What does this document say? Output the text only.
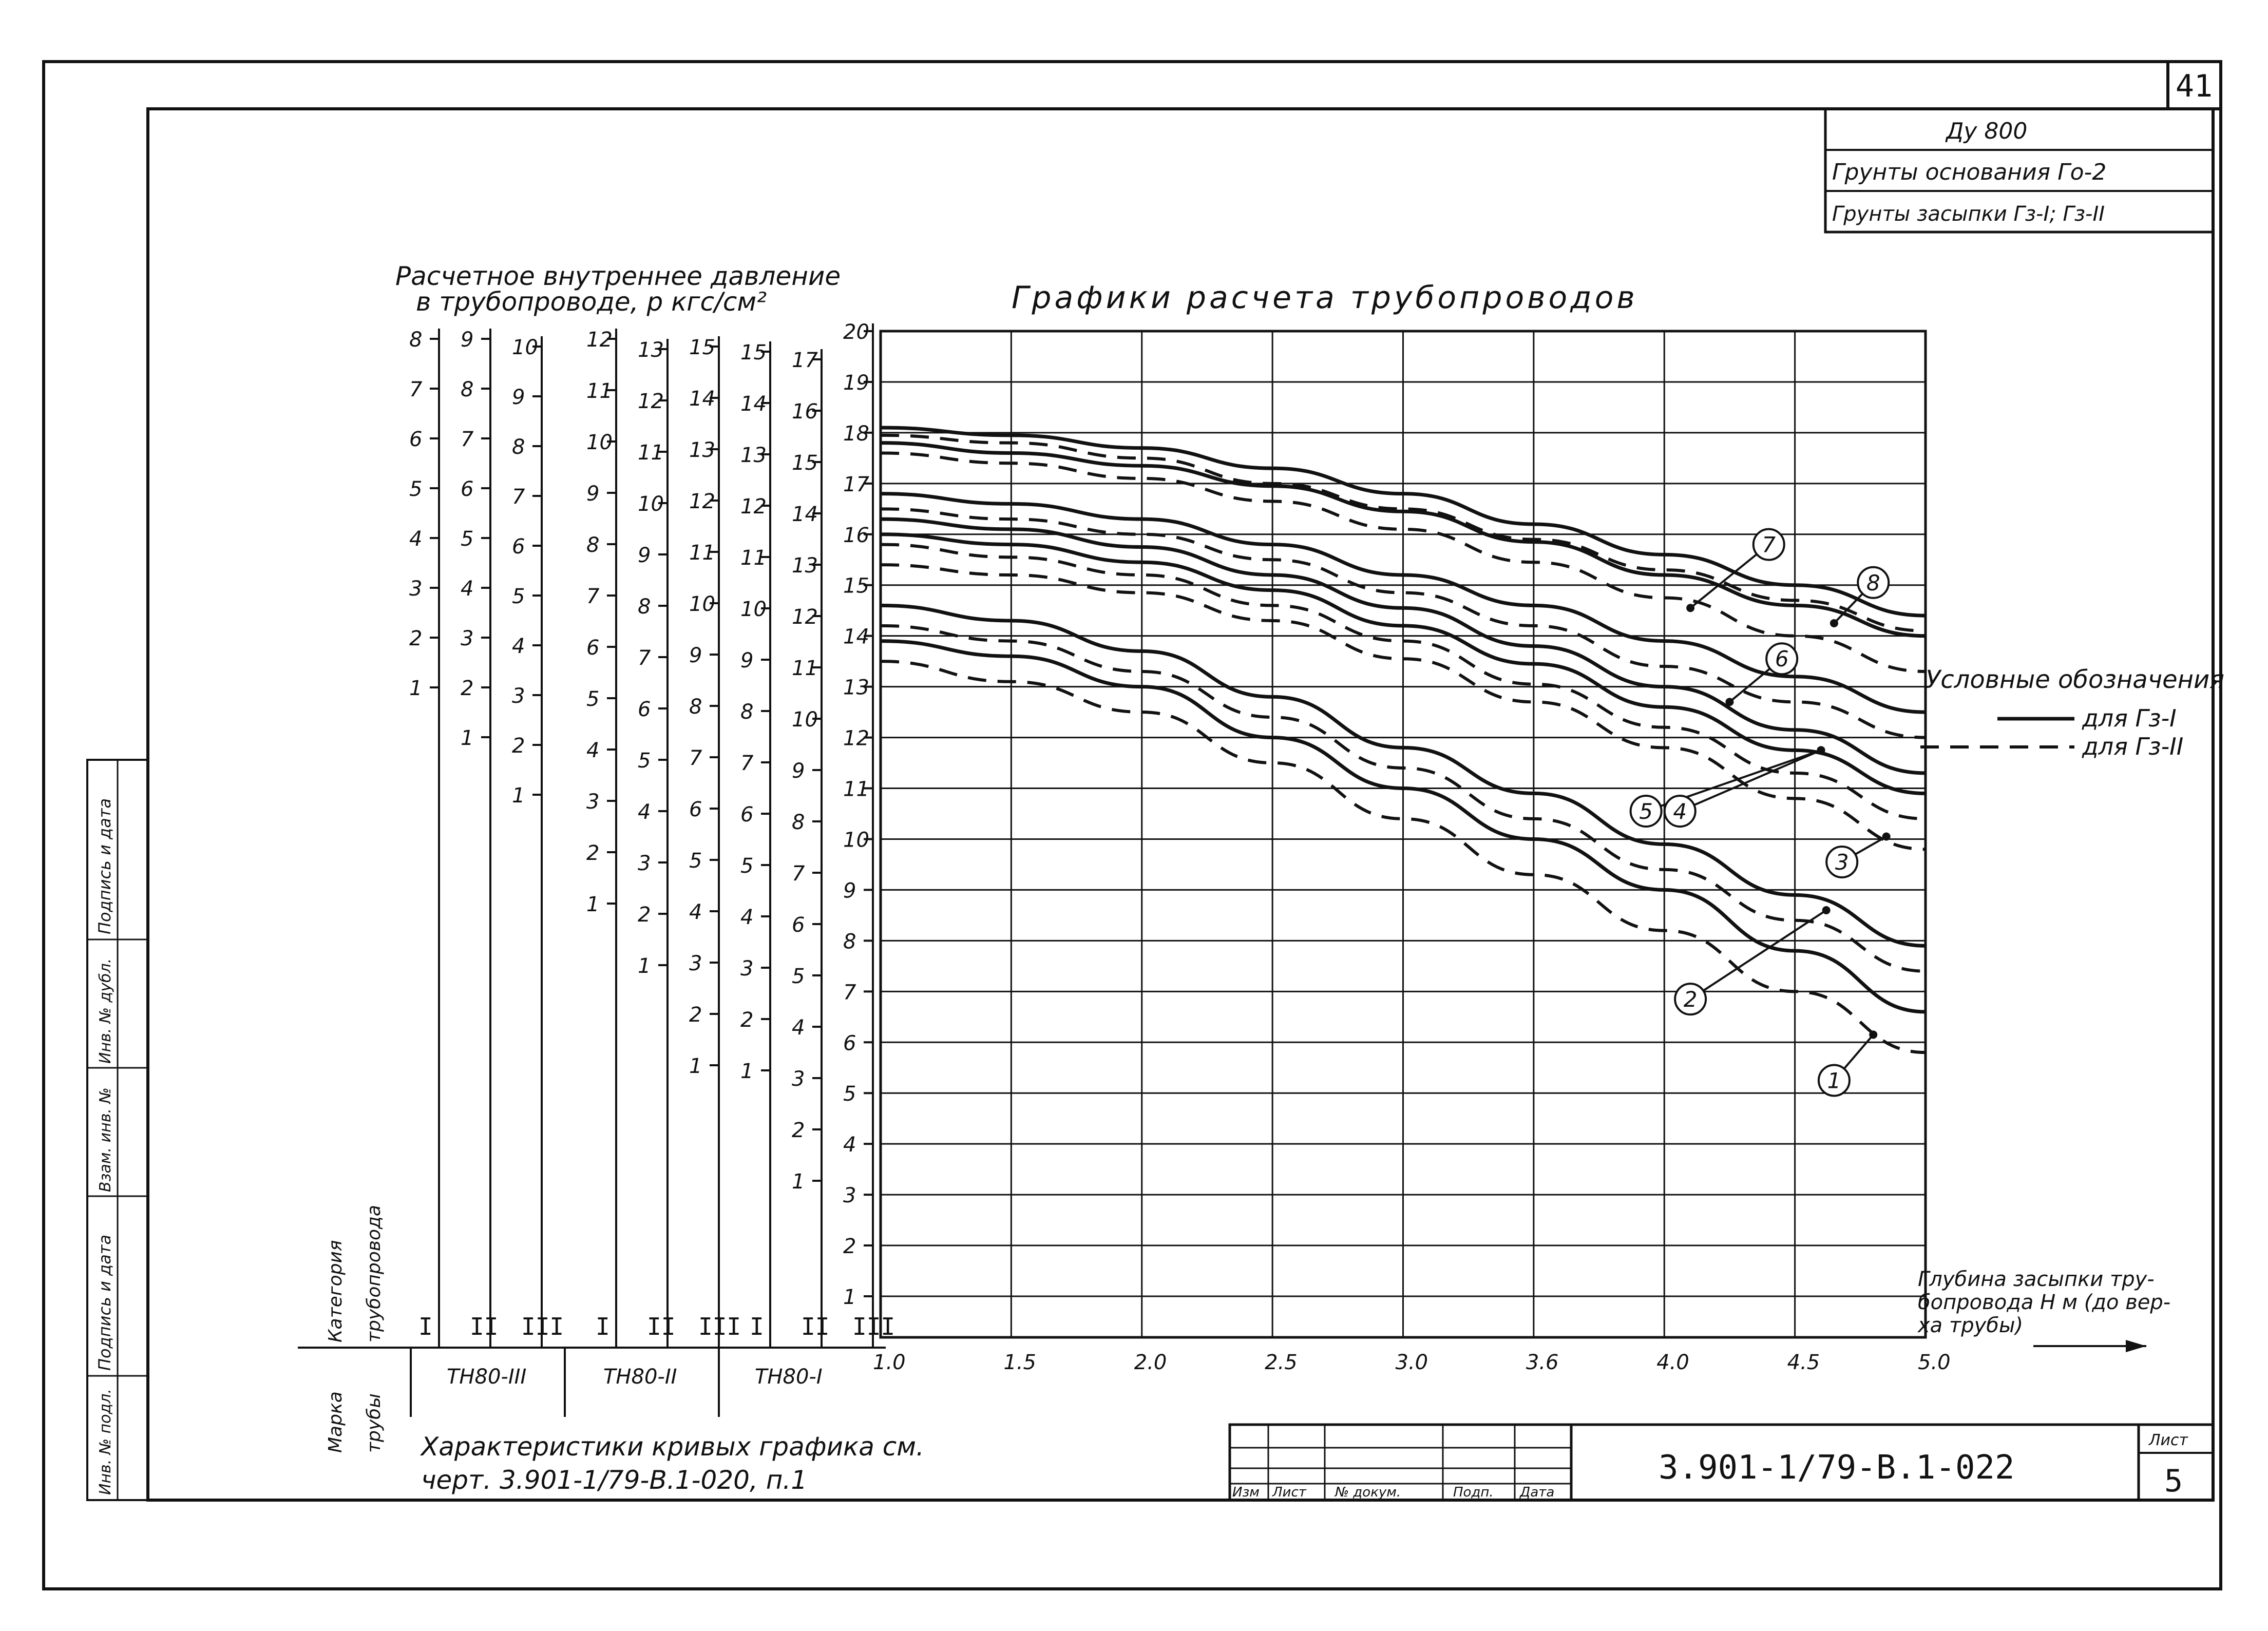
41
Ду 800
Грунты основания Гο-2
Грунты засыпки Гз-I; Гз-II
Подпись и дата
Инв. № дубл.
Взам. инв. №
Подпись и дата
Инв. № подл.
Расчетное внутреннее давление
в трубопроводе, р кгс/см²	Графики расчета трубопроводов
1.0	1.5	2.0	2.5	3.0	3.6	4.0	4.5	5.0
8
7
6
5
4
3
2
1
I
9
8
7
6
5
4
3
2
1
II
10
9
8
7
6
5
4
3
2
1
III
12
11
10
9
8
7
6
5
4
3
2
1
I
13
12
11
10
9
8
7
6
5
4
3
2
1
II
15
14
13
12
11
10
9
8
7
6
5
4
3
2
1
III
15
14
13
12
11
10
9
8
7
6
5
4
3
2
1
I
17
16
15
14
13
12
11
10
9
8
7
6
5
4
3
2
1
II
20
19
18
17
16
15
14
13
12
11
10
9
8
7
6
5
4
3
2
1
III
7
8
6
5 4
3
2
1
Категория трубопровода
Марка трубы
ТН80-III	ТН80-II	ТН80-I
Глубина засыпки тру-
бопровода Н м (до вер-
ха трубы)
Условные обозначения
для Гз-I
для Гз-II
Характеристики кривых графика см.
черт. 3.901-1/79-В.1-020, п.1	Изм Лист № докум.	Подп. Дата
3.901-1/79-В.1-022
Лист
5
